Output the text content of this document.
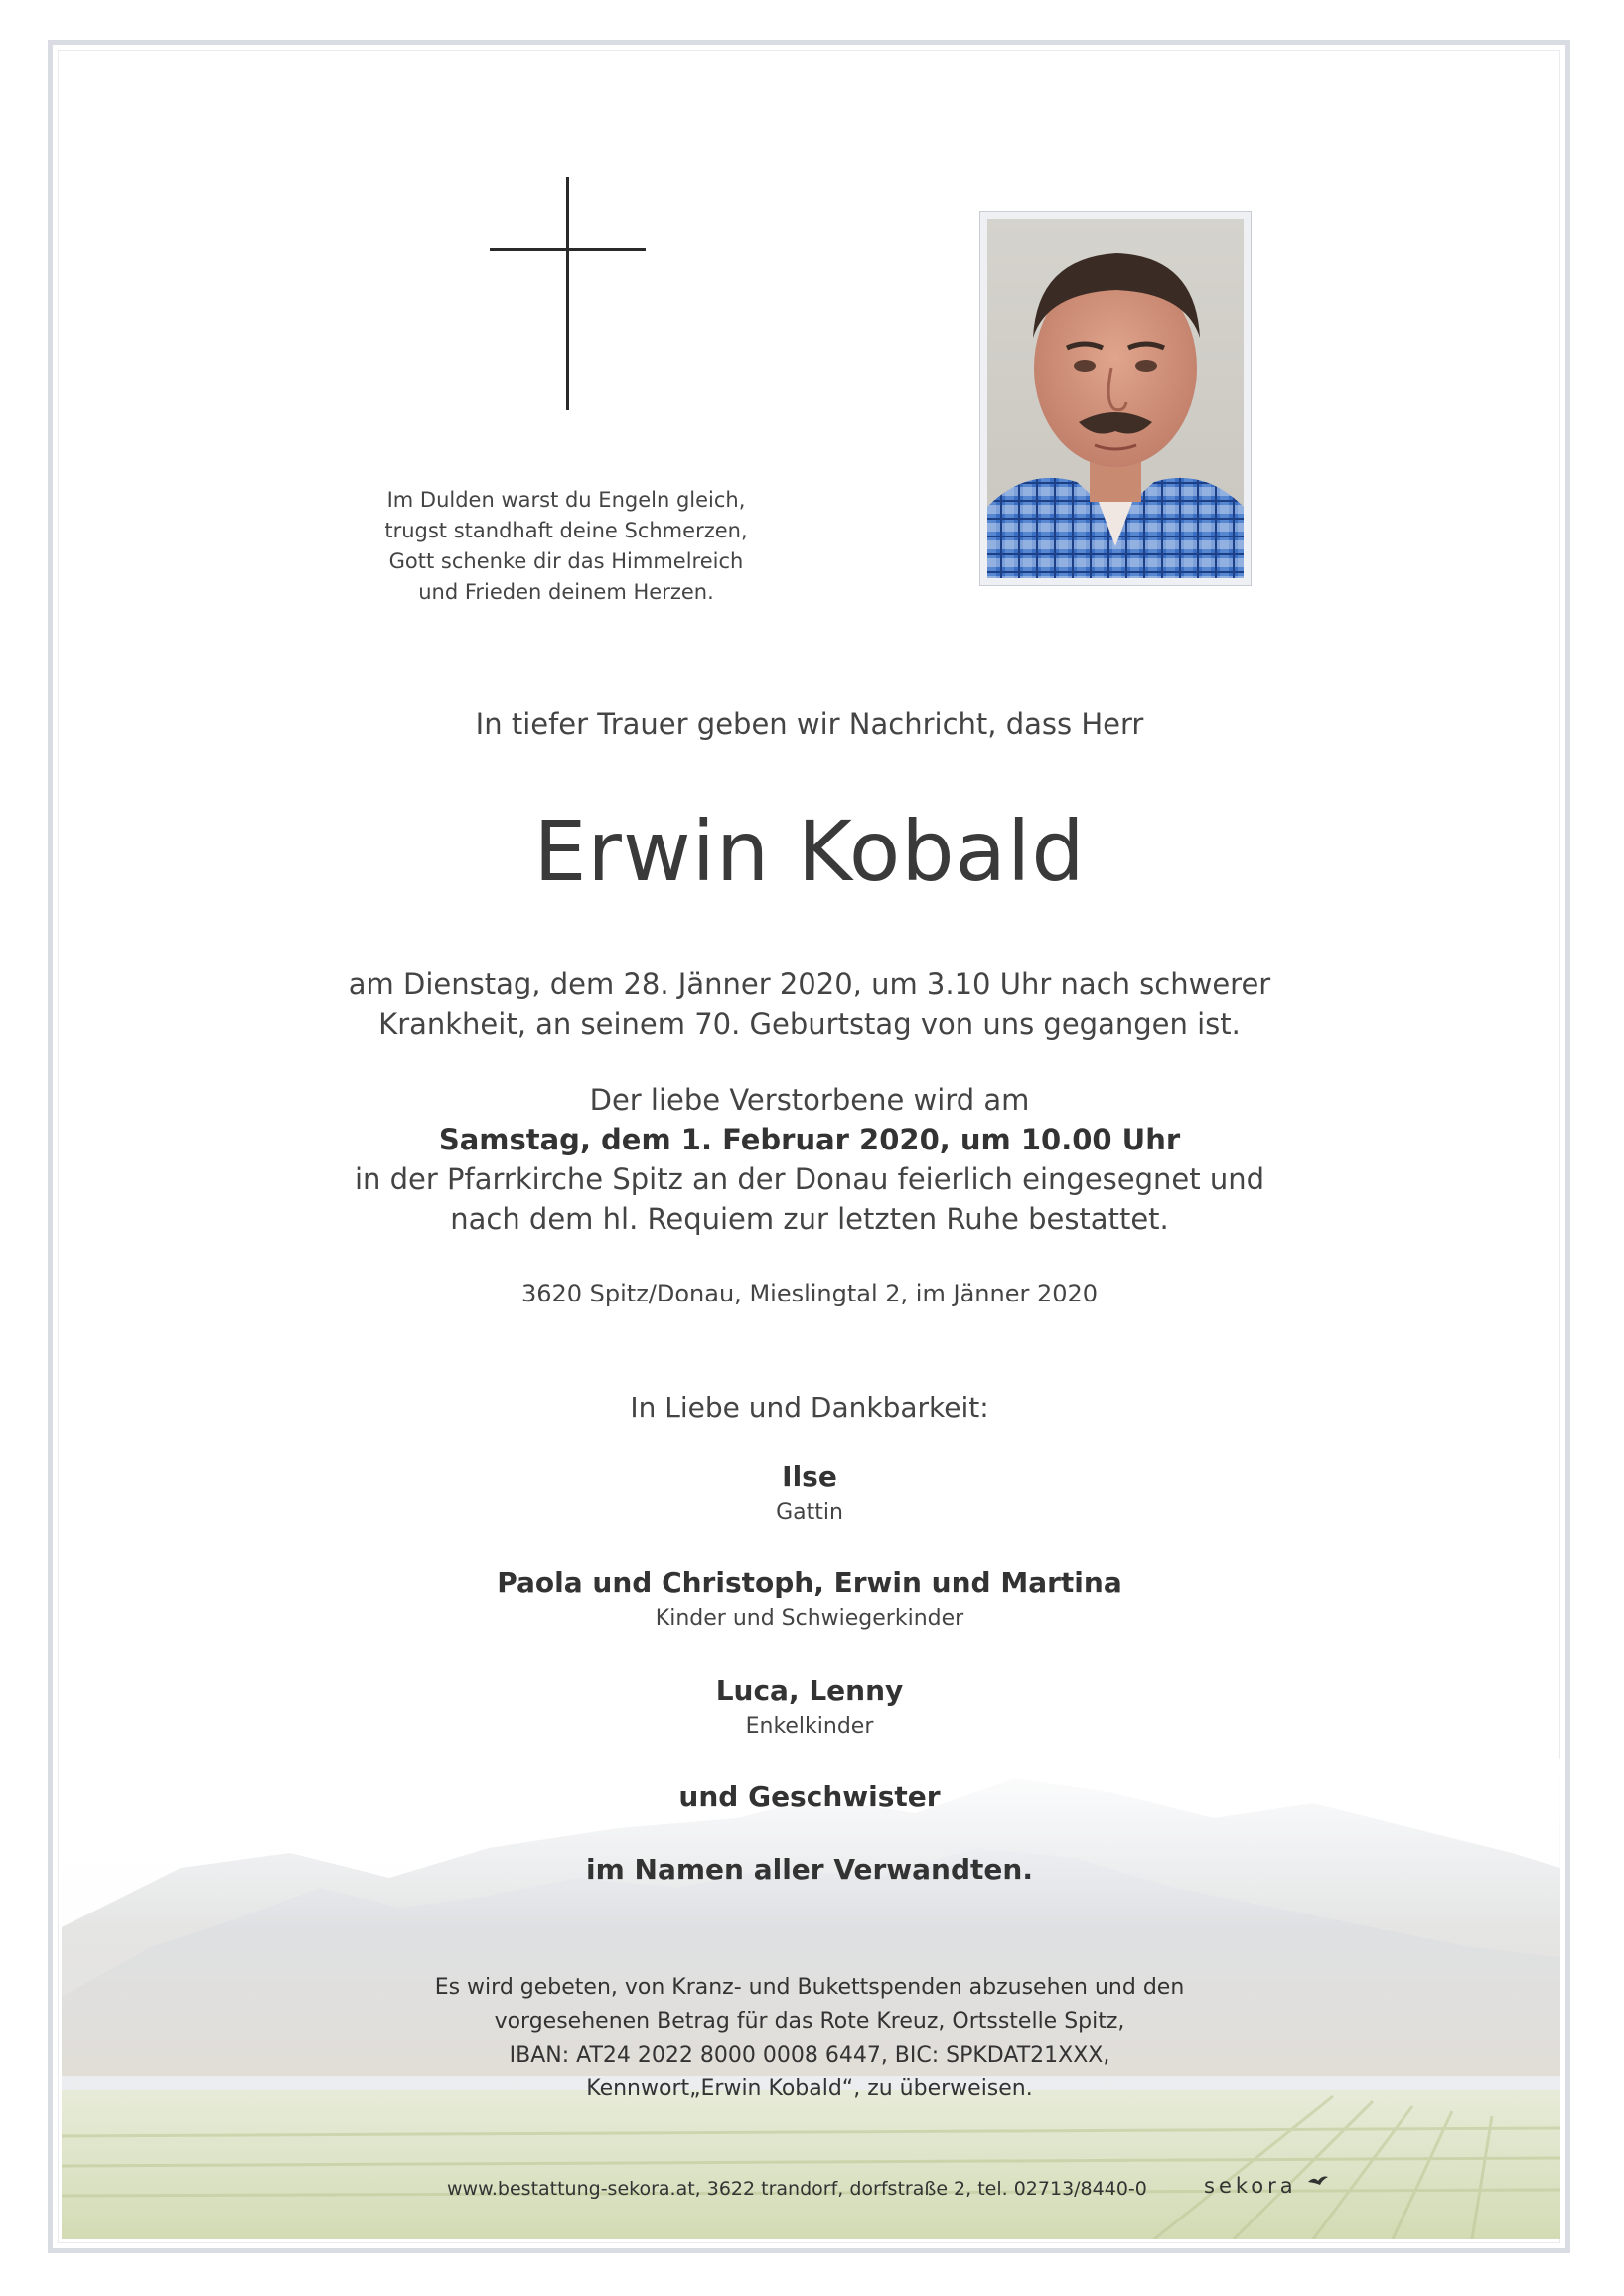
Im Dulden warst du Engeln gleich,
trugst standhaft deine Schmerzen,
Gott schenke dir das Himmelreich
und Frieden deinem Herzen.
In tiefer Trauer geben wir Nachricht, dass Herr
Erwin Kobald
am Dienstag, dem 28. Jänner 2020, um 3.10 Uhr nach schwerer
Krankheit, an seinem 70. Geburtstag von uns gegangen ist.
Der liebe Verstorbene wird am
Samstag, dem 1. Februar 2020, um 10.00 Uhr
in der Pfarrkirche Spitz an der Donau feierlich eingesegnet und
nach dem hl. Requiem zur letzten Ruhe bestattet.
3620 Spitz/Donau, Mieslingtal 2, im Jänner 2020
In Liebe und Dankbarkeit:
Ilse
Gattin
Paola und Christoph, Erwin und Martina
Kinder und Schwiegerkinder
Luca, Lenny
Enkelkinder
und Geschwister
im Namen aller Verwandten.
Es wird gebeten, von Kranz- und Bukettspenden abzusehen und den
vorgesehenen Betrag für das Rote Kreuz, Ortsstelle Spitz,
IBAN: AT24 2022 8000 0008 6447, BIC: SPKDAT21XXX,
Kennwort„Erwin Kobald“, zu überweisen.
www.bestattung-sekora.at, 3622 trandorf, dorfstraße 2, tel. 02713/8440-0	sekora
